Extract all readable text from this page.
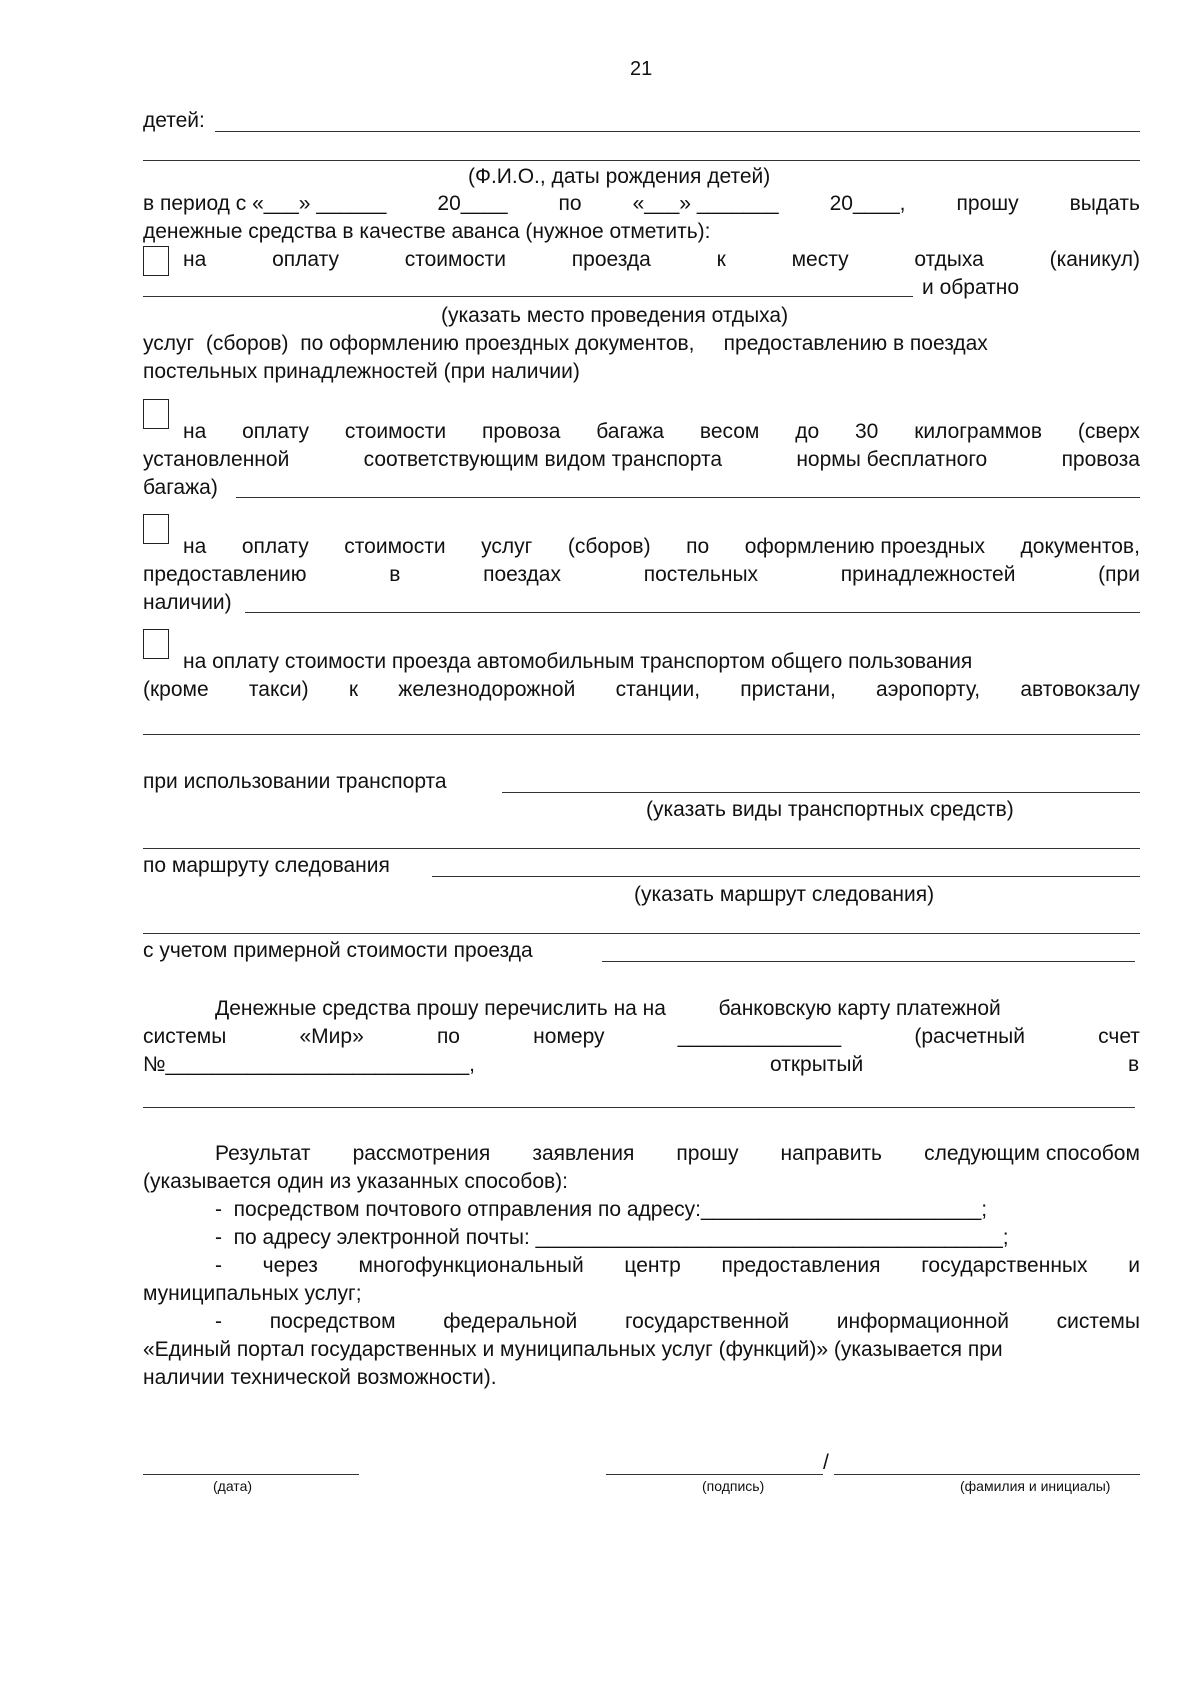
21
детей:
(Ф.И.О., даты рождения детей)
в период с «___» ______ 20____ по «___» _______ 20____, прошу выдать
денежные средства в качестве аванса (нужное отметить):
на	оплату	стоимости	проезда	к	месту	отдыха	(каникул)
и обратно
(указать место проведения отдыха)
услуг  (сборов)  по оформлению проездных документов,     предоставлению в поездах
постельных принадлежностей (при наличии)
на оплату стоимости провоза багажа весом до 30 килограммов (сверх
установленной	соответствующим видом транспорта	нормы бесплатного	провоза
багажа)
на оплату стоимости услуг (сборов) по оформлению проездных документов,
предоставлению	в	поездах	постельных	принадлежностей	(при
наличии)
на оплату стоимости проезда автомобильным транспортом общего пользования
(кроме такси) к железнодорожной станции, пристани, аэропорту, автовокзалу
при использовании транспорта
(указать виды транспортных средств)
по маршруту следования
(указать маршрут следования)
с учетом примерной стоимости проезда
Денежные средства прошу перечислить на на         банковскую карту платежной
системы	«Мир»	по	номеру	______________	(расчетный	счет
№__________________________,	открытый	в
Результат рассмотрения заявления прошу направить следующим способом
(указывается один из указанных способов):
-  посредством почтового отправления по адресу:________________________;
-  по адресу электронной почты: ________________________________________;
- через многофункциональный центр предоставления государственных и
муниципальных услуг;
- посредством федеральной государственной информационной системы
«Единый портал государственных и муниципальных услуг (функций)» (указывается при
наличии технической возможности).
(дата)
/
(подпись)	(фамилия и инициалы)
